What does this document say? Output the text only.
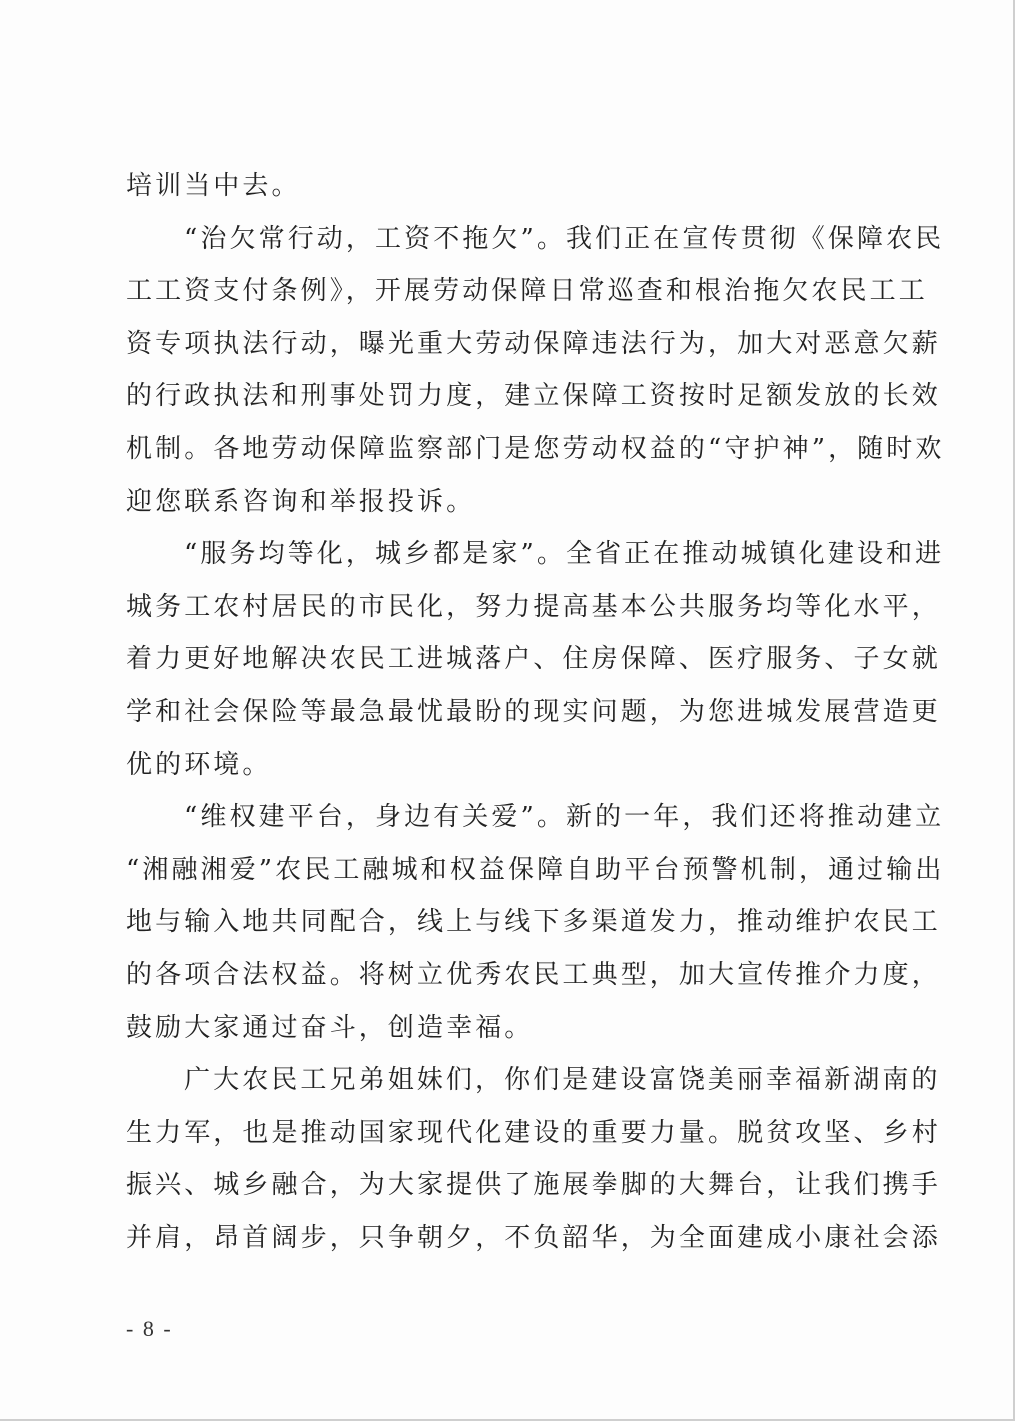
培训当中去。
“治欠常行动，工资不拖欠”。我们正在宣传贯彻《保障农民
工工资支付条例》，开展劳动保障日常巡查和根治拖欠农民工工
资专项执法行动，曝光重大劳动保障违法行为，加大对恶意欠薪
的行政执法和刑事处罚力度，建立保障工资按时足额发放的长效
机制。各地劳动保障监察部门是您劳动权益的“守护神”，随时欢
迎您联系咨询和举报投诉。
“服务均等化，城乡都是家”。全省正在推动城镇化建设和进
城务工农村居民的市民化，努力提高基本公共服务均等化水平，
着力更好地解决农民工进城落户、住房保障、医疗服务、子女就
学和社会保险等最急最忧最盼的现实问题，为您进城发展营造更
优的环境。
“维权建平台，身边有关爱”。新的一年，我们还将推动建立
“湘融湘爱”农民工融城和权益保障自助平台预警机制，通过输出
地与输入地共同配合，线上与线下多渠道发力，推动维护农民工
的各项合法权益。将树立优秀农民工典型，加大宣传推介力度，
鼓励大家通过奋斗，创造幸福。
广大农民工兄弟姐妹们，你们是建设富饶美丽幸福新湖南的
生力军，也是推动国家现代化建设的重要力量。脱贫攻坚、乡村
振兴、城乡融合，为大家提供了施展拳脚的大舞台，让我们携手
并肩，昂首阔步，只争朝夕，不负韶华，为全面建成小康社会添
- 8 -
